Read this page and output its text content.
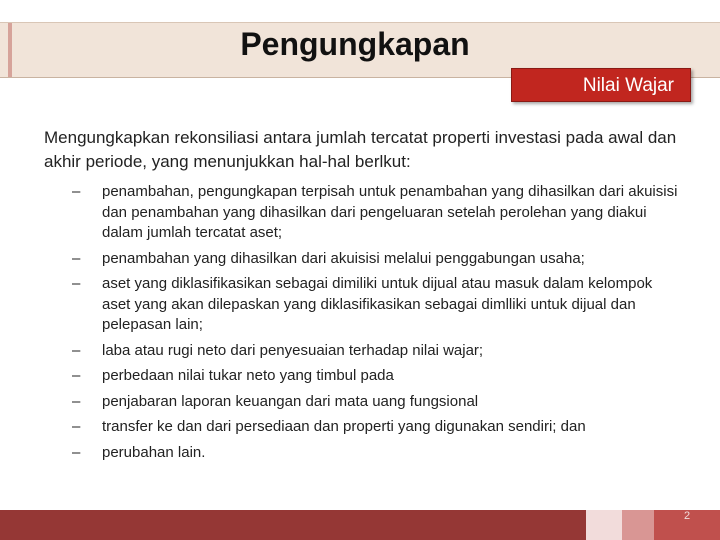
Pengungkapan
Nilai Wajar
Mengungkapkan rekonsiliasi antara jumlah tercatat properti investasi pada awal dan akhir periode, yang menunjukkan hal-hal berlkut:
–	penambahan, pengungkapan terpisah untuk penambahan yang dihasilkan dari akuisisi dan penambahan yang dihasilkan dari pengeluaran setelah perolehan yang diakui dalam jumlah tercatat aset;
–	penambahan yang dihasilkan dari akuisisi melalui penggabungan usaha;
–	aset yang diklasifikasikan sebagai dimiliki untuk dijual atau masuk dalam kelompok aset yang akan dilepaskan yang diklasifikasikan sebagai dimlliki untuk dijual dan pelepasan lain;
–	laba atau rugi neto dari penyesuaian terhadap nilai wajar;
–	perbedaan nilai tukar neto yang timbul pada
–	penjabaran laporan keuangan dari mata uang fungsional
–	transfer ke dan dari persediaan dan properti yang digunakan sendiri; dan
–	perubahan lain.
2
